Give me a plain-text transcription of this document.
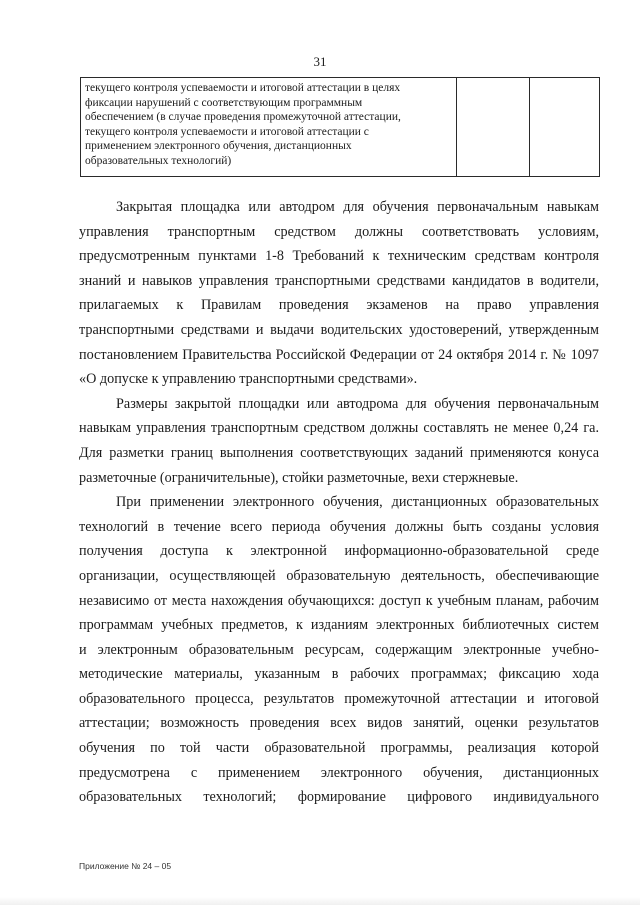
31
текущего контроля успеваемости и итоговой аттестации в целях
фиксации нарушений с соответствующим программным
обеспечением (в случае проведения промежуточной аттестации,
текущего контроля успеваемости и итоговой аттестации с
применением электронного обучения, дистанционных
образовательных технологий)
Закрытая площадка или автодром для обучения первоначальным навыкам
управления транспортным средством должны соответствовать условиям,
предусмотренным пунктами 1-8 Требований к техническим средствам контроля
знаний и навыков управления транспортными средствами кандидатов в водители,
прилагаемых к Правилам проведения экзаменов на право управления
транспортными средствами и выдачи водительских удостоверений, утвержденным
постановлением Правительства Российской Федерации от 24 октября 2014 г. № 1097
«О допуске к управлению транспортными средствами».
Размеры закрытой площадки или автодрома для обучения первоначальным
навыкам управления транспортным средством должны составлять не менее 0,24 га.
Для разметки границ выполнения соответствующих заданий применяются конуса
разметочные (ограничительные), стойки разметочные, вехи стержневые.
При применении электронного обучения, дистанционных образовательных
технологий в течение всего периода обучения должны быть созданы условия
получения доступа к электронной информационно-образовательной среде
организации, осуществляющей образовательную деятельность, обеспечивающие
независимо от места нахождения обучающихся: доступ к учебным планам, рабочим
программам учебных предметов, к изданиям электронных библиотечных систем
и электронным образовательным ресурсам, содержащим электронные учебно-
методические материалы, указанным в рабочих программах; фиксацию хода
образовательного процесса, результатов промежуточной аттестации и итоговой
аттестации; возможность проведения всех видов занятий, оценки результатов
обучения по той части образовательной программы, реализация которой
предусмотрена с применением электронного обучения, дистанционных
образовательных технологий; формирование цифрового индивидуального
Приложение № 24 – 05
